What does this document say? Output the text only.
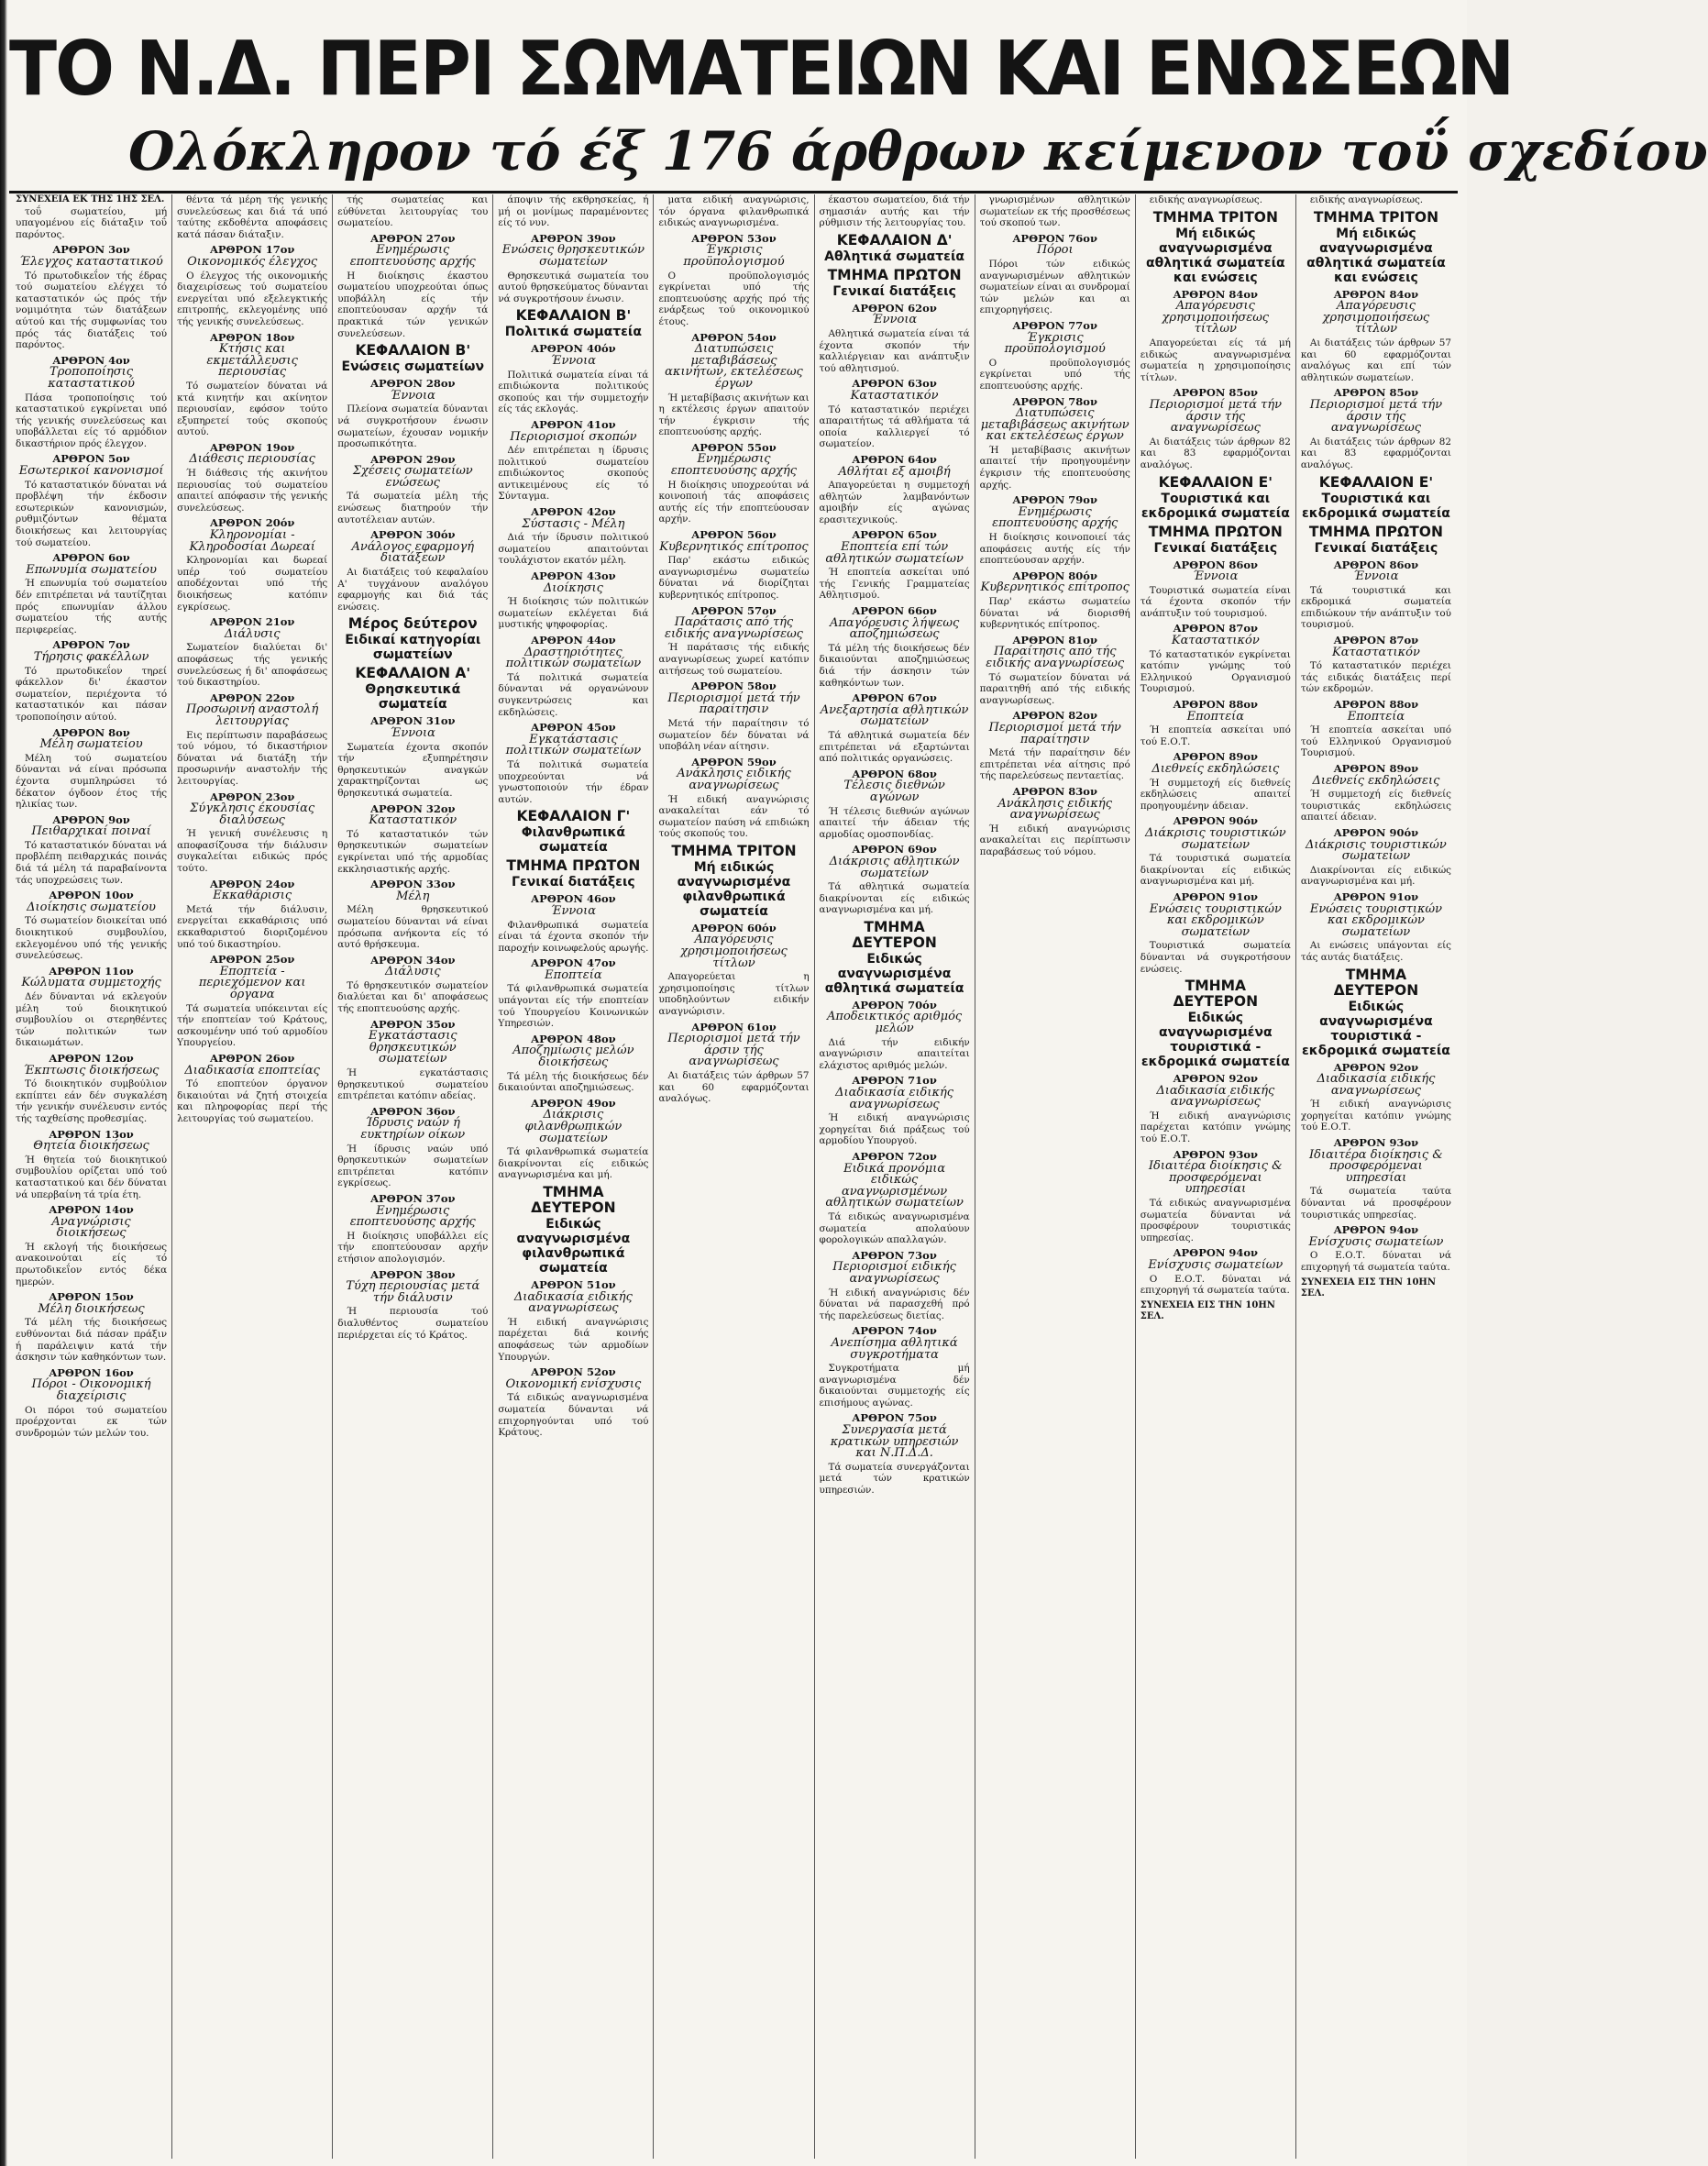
ΤΟ Ν.Δ. ΠΕΡΙ ΣΩΜΑΤΕΙΩΝ ΚΑΙ ΕΝΩΣΕΩΝ
Ολόκληρον τό έξ 176 άρθρων κείμενον τοΰ σχεδίου
ΣΥΝΕΧΕΙΑ ΕΚ ΤΗΣ 1ΗΣ ΣΕΛ.

τοΰ σωματείου, μή υπαγομένου είς διάταξιν τοΰ παρόντος.

ΑΡΘΡΟΝ 3ον
Έλεγχος καταστατικού

Τό πρωτοδικεΐον τής έδρας τού σωματείου ελέγχει τό καταστατικόν ώς πρός τήν νομιμότητα τών διατάξεων αύτού και τής συμφωνίας του πρός τάς διατάξεις τού παρόντος.

ΑΡΘΡΟΝ 4ον
Τροποποίησις καταστατικού

Πάσα τροποποίησις τού καταστατικού εγκρίνεται υπό τής γενικής συνελεύσεως και υποβάλλεται είς τό αρμόδιον δικαστήριον πρός έλεγχον.

ΑΡΘΡΟΝ 5ον
Εσωτερικοί κανονισμοί

Τό καταστατικόν δύναται νά προβλέψη τήν έκδοσιν εσωτερικών κανονισμών, ρυθμιζόντων θέματα διοικήσεως και λειτουργίας τού σωματείου.

ΑΡΘΡΟΝ 6ον
Επωνυμία σωματείου

Ή επωνυμία τού σωματείου δέν επιτρέπεται νά ταυτίζηται πρός επωνυμίαν άλλου σωματείου τής αυτής περιφερείας.

ΑΡΘΡΟΝ 7ον
Τήρησις φακέλλων

Τό πρωτοδικεΐον τηρεί φάκελλον δι' έκαστον σωματείον, περιέχοντα τό καταστατικόν και πάσαν τροποποίησιν αύτού.

ΑΡΘΡΟΝ 8ον
Μέλη σωματείου

Μέλη τού σωματείου δύνανται νά είναι πρόσωπα έχοντα συμπληρώσει τό δέκατον όγδοον έτος τής ηλικίας των.

ΑΡΘΡΟΝ 9ον
Πειθαρχικαί ποιναί

Τό καταστατικόν δύναται νά προβλέπη πειθαρχικάς ποινάς διά τά μέλη τά παραβαίνοντα τάς υποχρεώσεις των.

ΑΡΘΡΟΝ 10ον
Διοίκησις σωματείου

Τό σωματείον διοικείται υπό διοικητικού συμβουλίου, εκλεγομένου υπό τής γενικής συνελεύσεως.

ΑΡΘΡΟΝ 11ον
Κώλυματα συμμετοχής

Δέν δύνανται νά εκλεγούν μέλη τού διοικητικού συμβουλίου οι στερηθέντες τών πολιτικών των δικαιωμάτων.

ΑΡΘΡΟΝ 12ον
Έκπτωσις διοικήσεως

Τό διοικητικόν συμβούλιον εκπίπτει εάν δέν συγκαλέση τήν γενικήν συνέλευσιν εντός τής ταχθείσης προθεσμίας.

ΑΡΘΡΟΝ 13ον
Θητεία διοικήσεως

Ή θητεία τού διοικητικού συμβουλίου ορίζεται υπό τού καταστατικού και δέν δύναται νά υπερβαίνη τά τρία έτη.

ΑΡΘΡΟΝ 14ον
Αναγνώρισις διοικήσεως

Ή εκλογή τής διοικήσεως ανακοινούται είς τό πρωτοδικεΐον εντός δέκα ημερών.

ΑΡΘΡΟΝ 15ον
Μέλη διοικήσεως

Τά μέλη τής διοικήσεως ευθύνονται διά πάσαν πράξιν ή παράλειψιν κατά τήν άσκησιν τών καθηκόντων των.

ΑΡΘΡΟΝ 16ον
Πόροι - Οικονομική διαχείρισις

Οι πόροι τού σωματείου προέρχονται εκ τών συνδρομών τών μελών του.

θέντα τά μέρη τής γενικής συνελεύσεως και διά τά υπό ταύτης εκδοθέντα αποφάσεις κατά πάσαν διάταξιν.

ΑΡΘΡΟΝ 17ον
Οικονομικός έλεγχος

Ο έλεγχος τής οικονομικής διαχειρίσεως τού σωματείου ενεργείται υπό εξελεγκτικής επιτροπής, εκλεγομένης υπό τής γενικής συνελεύσεως.

ΑΡΘΡΟΝ 18ον
Κτήσις και εκμετάλλευσις περιουσίας

Τό σωματείον δύναται νά κτά κινητήν και ακίνητον περιουσίαν, εφόσον τούτο εξυπηρετεί τούς σκοπούς αυτού.

ΑΡΘΡΟΝ 19ον
Διάθεσις περιουσίας

Ή διάθεσις τής ακινήτου περιουσίας τού σωματείου απαιτεί απόφασιν τής γενικής συνελεύσεως.

ΑΡΘΡΟΝ 20όν
Κληρονομίαι - Κληροδοσίαι Δωρεαί

Κληρονομίαι και δωρεαί υπέρ τού σωματείου αποδέχονται υπό τής διοικήσεως κατόπιν εγκρίσεως.

ΑΡΘΡΟΝ 21ον
Διάλυσις

Σωματείον διαλύεται δι' αποφάσεως τής γενικής συνελεύσεως ή δι' αποφάσεως τού δικαστηρίου.

ΑΡΘΡΟΝ 22ον
Προσωρινή αναστολή λειτουργίας

Εις περίπτωσιν παραβάσεως τού νόμου, τό δικαστήριον δύναται νά διατάξη τήν προσωρινήν αναστολήν τής λειτουργίας.

ΑΡΘΡΟΝ 23ον
Σύγκλησις έκουσίας διαλύσεως

Ή γενική συνέλευσις η αποφασίζουσα τήν διάλυσιν συγκαλείται ειδικώς πρός τούτο.

ΑΡΘΡΟΝ 24ον
Εκκαθάρισις

Μετά τήν διάλυσιν, ενεργείται εκκαθάρισις υπό εκκαθαριστού διοριζομένου υπό τού δικαστηρίου.

ΑΡΘΡΟΝ 25ον
Εποπτεία - περιεχόμενον και όργανα

Τά σωματεία υπόκεινται είς τήν εποπτείαν τού Κράτους, ασκουμένην υπό τού αρμοδίου Υπουργείου.

ΑΡΘΡΟΝ 26ον
Διαδικασία εποπτείας

Τό εποπτεύον όργανον δικαιούται νά ζητή στοιχεία και πληροφορίας περί τής λειτουργίας τού σωματείου.

τής σωματείας και εύθύνεται λειτουργίας του σωματείου.

ΑΡΘΡΟΝ 27ον
Ενημέρωσις εποπτευούσης αρχής

Η διοίκησις έκαστου σωματείου υποχρεούται όπως υποβάλλη είς τήν εποπτεύουσαν αρχήν τά πρακτικά τών γενικών συνελεύσεων.

ΚΕΦΑΛΑΙΟΝ Β'
Ενώσεις σωματείων
ΑΡΘΡΟΝ 28ον
Έννοια

Πλείονα σωματεία δύνανται νά συγκροτήσουν ένωσιν σωματείων, έχουσαν νομικήν προσωπικότητα.

ΑΡΘΡΟΝ 29ον
Σχέσεις σωματείων ενώσεως

Τά σωματεία μέλη τής ενώσεως διατηρούν τήν αυτοτέλειαν αυτών.

ΑΡΘΡΟΝ 30όν
Ανάλογος εφαρμογή διατάξεων

Αι διατάξεις τού κεφαλαίου Α' τυγχάνουν αναλόγου εφαρμογής και διά τάς ενώσεις.

Μέρος δεύτερον
Ειδικαί κατηγορίαι σωματείων
ΚΕΦΑΛΑΙΟΝ Α'
Θρησκευτικά σωματεία
ΑΡΘΡΟΝ 31ον
Έννοια

Σωματεία έχοντα σκοπόν τήν εξυπηρέτησιν θρησκευτικών αναγκών χαρακτηρίζονται ως θρησκευτικά σωματεία.

ΑΡΘΡΟΝ 32ον
Καταστατικόν

Τό καταστατικόν τών θρησκευτικών σωματείων εγκρίνεται υπό τής αρμοδίας εκκλησιαστικής αρχής.

ΑΡΘΡΟΝ 33ον
Μέλη

Μέλη θρησκευτικού σωματείου δύνανται νά είναι πρόσωπα ανήκοντα είς τό αυτό θρήσκευμα.

ΑΡΘΡΟΝ 34ον
Διάλυσις

Τό θρησκευτικόν σωματείον διαλύεται και δι' αποφάσεως τής εποπτευούσης αρχής.

ΑΡΘΡΟΝ 35ον
Εγκατάστασις θρησκευτικών σωματείων

Ή εγκατάστασις θρησκευτικού σωματείου επιτρέπεται κατόπιν αδείας.

ΑΡΘΡΟΝ 36ον
Ίδρυσις ναών ή ευκτηρίων οίκων

Ή ίδρυσις ναών υπό θρησκευτικών σωματείων επιτρέπεται κατόπιν εγκρίσεως.

ΑΡΘΡΟΝ 37ον
Ενημέρωσις εποπτευούσης αρχής

Η διοίκησις υποβάλλει είς τήν εποπτεύουσαν αρχήν ετήσιον απολογισμόν.

ΑΡΘΡΟΝ 38ον
Τύχη περιουσίας μετά τήν διάλυσιν

Ή περιουσία τού διαλυθέντος σωματείου περιέρχεται είς τό Κράτος.

άποψιν τής εκθρησκείας, ή μή οι μονίμως παραμένοντες είς τό νυν.

ΑΡΘΡΟΝ 39ον
Ενώσεις θρησκευτικών σωματείων

Θρησκευτικά σωματεία του αυτού θρησκεύματος δύνανται νά συγκροτήσουν ένωσιν.

ΚΕΦΑΛΑΙΟΝ Β'
Πολιτικά σωματεία
ΑΡΘΡΟΝ 40όν
Έννοια

Πολιτικά σωματεία είναι τά επιδιώκοντα πολιτικούς σκοπούς και τήν συμμετοχήν είς τάς εκλογάς.

ΑΡΘΡΟΝ 41ον
Περιορισμοί σκοπών

Δέν επιτρέπεται η ίδρυσις πολιτικού σωματείου επιδιώκοντος σκοπούς αντικειμένους είς τό Σύνταγμα.

ΑΡΘΡΟΝ 42ον
Σύστασις - Μέλη

Διά τήν ίδρυσιν πολιτικού σωματείου απαιτούνται τουλάχιστον εκατόν μέλη.

ΑΡΘΡΟΝ 43ον
Διοίκησις

Ή διοίκησις τών πολιτικών σωματείων εκλέγεται διά μυστικής ψηφοφορίας.

ΑΡΘΡΟΝ 44ον
Δραστηριότητες πολιτικών σωματείων

Τά πολιτικά σωματεία δύνανται νά οργανώνουν συγκεντρώσεις και εκδηλώσεις.

ΑΡΘΡΟΝ 45ον
Εγκατάστασις πολιτικών σωματείων

Τά πολιτικά σωματεία υποχρεούνται νά γνωστοποιούν τήν έδραν αυτών.

ΚΕΦΑΛΑΙΟΝ Γ'
Φιλανθρωπικά σωματεία
ΤΜΗΜΑ ΠΡΩΤΟΝ
Γενικαί διατάξεις
ΑΡΘΡΟΝ 46ον
Έννοια

Φιλανθρωπικά σωματεία είναι τά έχοντα σκοπόν τήν παροχήν κοινωφελούς αρωγής.

ΑΡΘΡΟΝ 47ον
Εποπτεία

Τά φιλανθρωπικά σωματεία υπάγονται είς τήν εποπτείαν τού Υπουργείου Κοινωνικών Υπηρεσιών.

ΑΡΘΡΟΝ 48ον
Αποζημίωσις μελών διοικήσεως

Τά μέλη τής διοικήσεως δέν δικαιούνται αποζημιώσεως.

ΑΡΘΡΟΝ 49ον
Διάκρισις φιλανθρωπικών σωματείων

Τά φιλανθρωπικά σωματεία διακρίνονται είς ειδικώς αναγνωρισμένα και μή.

ΤΜΗΜΑ ΔΕΥΤΕΡΟΝ
Ειδικώς αναγνωρισμένα φιλανθρωπικά σωματεία
ΑΡΘΡΟΝ 51ον
Διαδικασία ειδικής αναγνωρίσεως

Ή ειδική αναγνώρισις παρέχεται διά κοινής αποφάσεως τών αρμοδίων Υπουργών.

ΑΡΘΡΟΝ 52ον
Οικονομική ενίσχυσις

Τά ειδικώς αναγνωρισμένα σωματεία δύνανται νά επιχορηγούνται υπό τού Κράτους.

ματα ειδική αναγνώρισις, τόν όργανα φιλανθρωπικά ειδικώς αναγνωρισμένα.

ΑΡΘΡΟΝ 53ον
Έγκρισις προϋπολογισμού

Ο προϋπολογισμός εγκρίνεται υπό τής εποπτευούσης αρχής πρό τής ενάρξεως τού οικονομικού έτους.

ΑΡΘΡΟΝ 54ον
Διατυπώσεις μεταβιβάσεως ακινήτων, εκτελέσεως έργων

Ή μεταβίβασις ακινήτων και η εκτέλεσις έργων απαιτούν τήν έγκρισιν τής εποπτευούσης αρχής.

ΑΡΘΡΟΝ 55ον
Ενημέρωσις εποπτευούσης αρχής

Η διοίκησις υποχρεούται νά κοινοποιή τάς αποφάσεις αυτής είς τήν εποπτεύουσαν αρχήν.

ΑΡΘΡΟΝ 56ον
Κυβερνητικός επίτροπος

Παρ' εκάστω ειδικώς αναγνωρισμένω σωματείω δύναται νά διορίζηται κυβερνητικός επίτροπος.

ΑΡΘΡΟΝ 57ον
Παράτασις από τής ειδικής αναγνωρίσεως

Ή παράτασις τής ειδικής αναγνωρίσεως χωρεί κατόπιν αιτήσεως τού σωματείου.

ΑΡΘΡΟΝ 58ον
Περιορισμοί μετά τήν παραίτησιν

Μετά τήν παραίτησιν τό σωματείον δέν δύναται νά υποβάλη νέαν αίτησιν.

ΑΡΘΡΟΝ 59ον
Ανάκλησις ειδικής αναγνωρίσεως

Ή ειδική αναγνώρισις ανακαλείται εάν τό σωματείον παύση νά επιδιώκη τούς σκοπούς του.

ΤΜΗΜΑ ΤΡΙΤΟΝ
Μή ειδικώς αναγνωρισμένα φιλανθρωπικά σωματεία
ΑΡΘΡΟΝ 60όν
Απαγόρευσις χρησιμοποιήσεως τίτλων

Απαγορεύεται η χρησιμοποίησις τίτλων υποδηλούντων ειδικήν αναγνώρισιν.

ΑΡΘΡΟΝ 61ον
Περιορισμοί μετά τήν άρσιν τής αναγνωρίσεως

Αι διατάξεις τών άρθρων 57 και 60 εφαρμόζονται αναλόγως.

έκαστου σωματείου, διά τήν σημασιάν αυτής και τήν ρύθμισιν τής λειτουργίας του.

ΚΕΦΑΛΑΙΟΝ Δ'
Αθλητικά σωματεία
ΤΜΗΜΑ ΠΡΩΤΟΝ
Γενικαί διατάξεις
ΑΡΘΡΟΝ 62ον
Έννοια

Αθλητικά σωματεία είναι τά έχοντα σκοπόν τήν καλλιέργειαν και ανάπτυξιν τού αθλητισμού.

ΑΡΘΡΟΝ 63ον
Καταστατικόν

Τό καταστατικόν περιέχει απαραιτήτως τά αθλήματα τά οποία καλλιεργεί τό σωματείον.

ΑΡΘΡΟΝ 64ον
Αθλήται εξ αμοιβή

Απαγορεύεται η συμμετοχή αθλητών λαμβανόντων αμοιβήν είς αγώνας ερασιτεχνικούς.

ΑΡΘΡΟΝ 65ον
Εποπτεία επί τών αθλητικών σωματείων

Ή εποπτεία ασκείται υπό τής Γενικής Γραμματείας Αθλητισμού.

ΑΡΘΡΟΝ 66ον
Απαγόρευσις λήψεως αποζημιώσεως

Τά μέλη τής διοικήσεως δέν δικαιούνται αποζημιώσεως διά τήν άσκησιν τών καθηκόντων των.

ΑΡΘΡΟΝ 67ον
Ανεξαρτησία αθλητικών σωματείων

Τά αθλητικά σωματεία δέν επιτρέπεται νά εξαρτώνται από πολιτικάς οργανώσεις.

ΑΡΘΡΟΝ 68ον
Τέλεσις διεθνών αγώνων

Ή τέλεσις διεθνών αγώνων απαιτεί τήν άδειαν τής αρμοδίας ομοσπονδίας.

ΑΡΘΡΟΝ 69ον
Διάκρισις αθλητικών σωματείων

Τά αθλητικά σωματεία διακρίνονται είς ειδικώς αναγνωρισμένα και μή.

ΤΜΗΜΑ ΔΕΥΤΕΡΟΝ
Ειδικώς αναγνωρισμένα αθλητικά σωματεία
ΑΡΘΡΟΝ 70όν
Αποδεικτικός αριθμός μελών

Διά τήν ειδικήν αναγνώρισιν απαιτείται ελάχιστος αριθμός μελών.

ΑΡΘΡΟΝ 71ον
Διαδικασία ειδικής αναγνωρίσεως

Ή ειδική αναγνώρισις χορηγείται διά πράξεως τού αρμοδίου Υπουργού.

ΑΡΘΡΟΝ 72ον
Ειδικά προνόμια ειδικώς αναγνωρισμένων αθλητικών σωματείων

Τά ειδικώς αναγνωρισμένα σωματεία απολαύουν φορολογικών απαλλαγών.

ΑΡΘΡΟΝ 73ον
Περιορισμοί ειδικής αναγνωρίσεως

Ή ειδική αναγνώρισις δέν δύναται νά παρασχεθή πρό τής παρελεύσεως διετίας.

ΑΡΘΡΟΝ 74ον
Ανεπίσημα αθλητικά συγκροτήματα

Συγκροτήματα μή αναγνωρισμένα δέν δικαιούνται συμμετοχής είς επισήμους αγώνας.

ΑΡΘΡΟΝ 75ον
Συνεργασία μετά κρατικών υπηρεσιών και Ν.Π.Δ.Δ.

Τά σωματεία συνεργάζονται μετά τών κρατικών υπηρεσιών.

γνωρισμένων αθλητικών σωματείων εκ τής προσθέσεως τού σκοπού των.

ΑΡΘΡΟΝ 76ον
Πόροι

Πόροι τών ειδικώς αναγνωρισμένων αθλητικών σωματείων είναι αι συνδρομαί τών μελών και αι επιχορηγήσεις.

ΑΡΘΡΟΝ 77ον
Έγκρισις προϋπολογισμού

Ο προϋπολογισμός εγκρίνεται υπό τής εποπτευούσης αρχής.

ΑΡΘΡΟΝ 78ον
Διατυπώσεις μεταβιβάσεως ακινήτων και εκτελέσεως έργων

Ή μεταβίβασις ακινήτων απαιτεί τήν προηγουμένην έγκρισιν τής εποπτευούσης αρχής.

ΑΡΘΡΟΝ 79ον
Ενημέρωσις εποπτευούσης αρχής

Η διοίκησις κοινοποιεί τάς αποφάσεις αυτής είς τήν εποπτεύουσαν αρχήν.

ΑΡΘΡΟΝ 80όν
Κυβερνητικός επίτροπος

Παρ' εκάστω σωματείω δύναται νά διορισθή κυβερνητικός επίτροπος.

ΑΡΘΡΟΝ 81ον
Παραίτησις από τής ειδικής αναγνωρίσεως

Τό σωματείον δύναται νά παραιτηθή από τής ειδικής αναγνωρίσεως.

ΑΡΘΡΟΝ 82ον
Περιορισμοί μετά τήν παραίτησιν

Μετά τήν παραίτησιν δέν επιτρέπεται νέα αίτησις πρό τής παρελεύσεως πενταετίας.

ΑΡΘΡΟΝ 83ον
Ανάκλησις ειδικής αναγνωρίσεως

Ή ειδική αναγνώρισις ανακαλείται εις περίπτωσιν παραβάσεως τού νόμου.

ειδικής αναγνωρίσεως.

ΤΜΗΜΑ ΤΡΙΤΟΝ
Μή ειδικώς αναγνωρισμένα αθλητικά σωματεία και ενώσεις
ΑΡΘΡΟΝ 84ον
Απαγόρευσις χρησιμοποιήσεως τίτλων

Απαγορεύεται είς τά μή ειδικώς αναγνωρισμένα σωματεία η χρησιμοποίησις τίτλων.

ΑΡΘΡΟΝ 85ον
Περιορισμοί μετά τήν άρσιν τής αναγνωρίσεως

Αι διατάξεις τών άρθρων 82 και 83 εφαρμόζονται αναλόγως.

ΚΕΦΑΛΑΙΟΝ Ε'
Τουριστικά και εκδρομικά σωματεία
ΤΜΗΜΑ ΠΡΩΤΟΝ
Γενικαί διατάξεις
ΑΡΘΡΟΝ 86ον
Έννοια

Τουριστικά σωματεία είναι τά έχοντα σκοπόν τήν ανάπτυξιν τού τουρισμού.

ΑΡΘΡΟΝ 87ον
Καταστατικόν

Τό καταστατικόν εγκρίνεται κατόπιν γνώμης τού Ελληνικού Οργανισμού Τουρισμού.

ΑΡΘΡΟΝ 88ον
Εποπτεία

Ή εποπτεία ασκείται υπό τού Ε.Ο.Τ.

ΑΡΘΡΟΝ 89ον
Διεθνείς εκδηλώσεις

Ή συμμετοχή είς διεθνείς εκδηλώσεις απαιτεί προηγουμένην άδειαν.

ΑΡΘΡΟΝ 90όν
Διάκρισις τουριστικών σωματείων

Τά τουριστικά σωματεία διακρίνονται είς ειδικώς αναγνωρισμένα και μή.

ΑΡΘΡΟΝ 91ον
Ενώσεις τουριστικών και εκδρομικών σωματείων

Τουριστικά σωματεία δύνανται νά συγκροτήσουν ενώσεις.

ΤΜΗΜΑ ΔΕΥΤΕΡΟΝ
Ειδικώς αναγνωρισμένα τουριστικά - εκδρομικά σωματεία
ΑΡΘΡΟΝ 92ον
Διαδικασία ειδικής αναγνωρίσεως

Ή ειδική αναγνώρισις παρέχεται κατόπιν γνώμης τού Ε.Ο.Τ.

ΑΡΘΡΟΝ 93ον
Ιδιαιτέρα διοίκησις & προσφερόμεναι υπηρεσίαι

Τά ειδικώς αναγνωρισμένα σωματεία δύνανται νά προσφέρουν τουριστικάς υπηρεσίας.

ΑΡΘΡΟΝ 94ον
Ενίσχυσις σωματείων

Ο Ε.Ο.Τ. δύναται νά επιχορηγή τά σωματεία ταύτα.

ΣΥΝΕΧΕΙΑ ΕΙΣ ΤΗΝ 10ΗΝ ΣΕΛ.

ειδικής αναγνωρίσεως.

ΤΜΗΜΑ ΤΡΙΤΟΝ
Μή ειδικώς αναγνωρισμένα αθλητικά σωματεία και ενώσεις
ΑΡΘΡΟΝ 84ον
Απαγόρευσις χρησιμοποιήσεως τίτλων

Αι διατάξεις τών άρθρων 57 και 60 εφαρμόζονται αναλόγως και επί τών αθλητικών σωματείων.

ΑΡΘΡΟΝ 85ον
Περιορισμοί μετά τήν άρσιν τής αναγνωρίσεως

Αι διατάξεις τών άρθρων 82 και 83 εφαρμόζονται αναλόγως.

ΚΕΦΑΛΑΙΟΝ Ε'
Τουριστικά και εκδρομικά σωματεία
ΤΜΗΜΑ ΠΡΩΤΟΝ
Γενικαί διατάξεις
ΑΡΘΡΟΝ 86ον
Έννοια

Τά τουριστικά και εκδρομικά σωματεία επιδιώκουν τήν ανάπτυξιν τού τουρισμού.

ΑΡΘΡΟΝ 87ον
Καταστατικόν

Τό καταστατικόν περιέχει τάς ειδικάς διατάξεις περί τών εκδρομών.

ΑΡΘΡΟΝ 88ον
Εποπτεία

Ή εποπτεία ασκείται υπό τού Ελληνικού Οργανισμού Τουρισμού.

ΑΡΘΡΟΝ 89ον
Διεθνείς εκδηλώσεις

Ή συμμετοχή είς διεθνείς τουριστικάς εκδηλώσεις απαιτεί άδειαν.

ΑΡΘΡΟΝ 90όν
Διάκρισις τουριστικών σωματείων

Διακρίνονται είς ειδικώς αναγνωρισμένα και μή.

ΑΡΘΡΟΝ 91ον
Ενώσεις τουριστικών και εκδρομικών σωματείων

Αι ενώσεις υπάγονται είς τάς αυτάς διατάξεις.

ΤΜΗΜΑ ΔΕΥΤΕΡΟΝ
Ειδικώς αναγνωρισμένα τουριστικά - εκδρομικά σωματεία
ΑΡΘΡΟΝ 92ον
Διαδικασία ειδικής αναγνωρίσεως

Ή ειδική αναγνώρισις χορηγείται κατόπιν γνώμης τού Ε.Ο.Τ.

ΑΡΘΡΟΝ 93ον
Ιδιαιτέρα διοίκησις & προσφερόμεναι υπηρεσίαι

Τά σωματεία ταύτα δύνανται νά προσφέρουν τουριστικάς υπηρεσίας.

ΑΡΘΡΟΝ 94ον
Ενίσχυσις σωματείων

Ο Ε.Ο.Τ. δύναται νά επιχορηγή τά σωματεία ταύτα.

ΣΥΝΕΧΕΙΑ ΕΙΣ ΤΗΝ 10ΗΝ ΣΕΛ.
